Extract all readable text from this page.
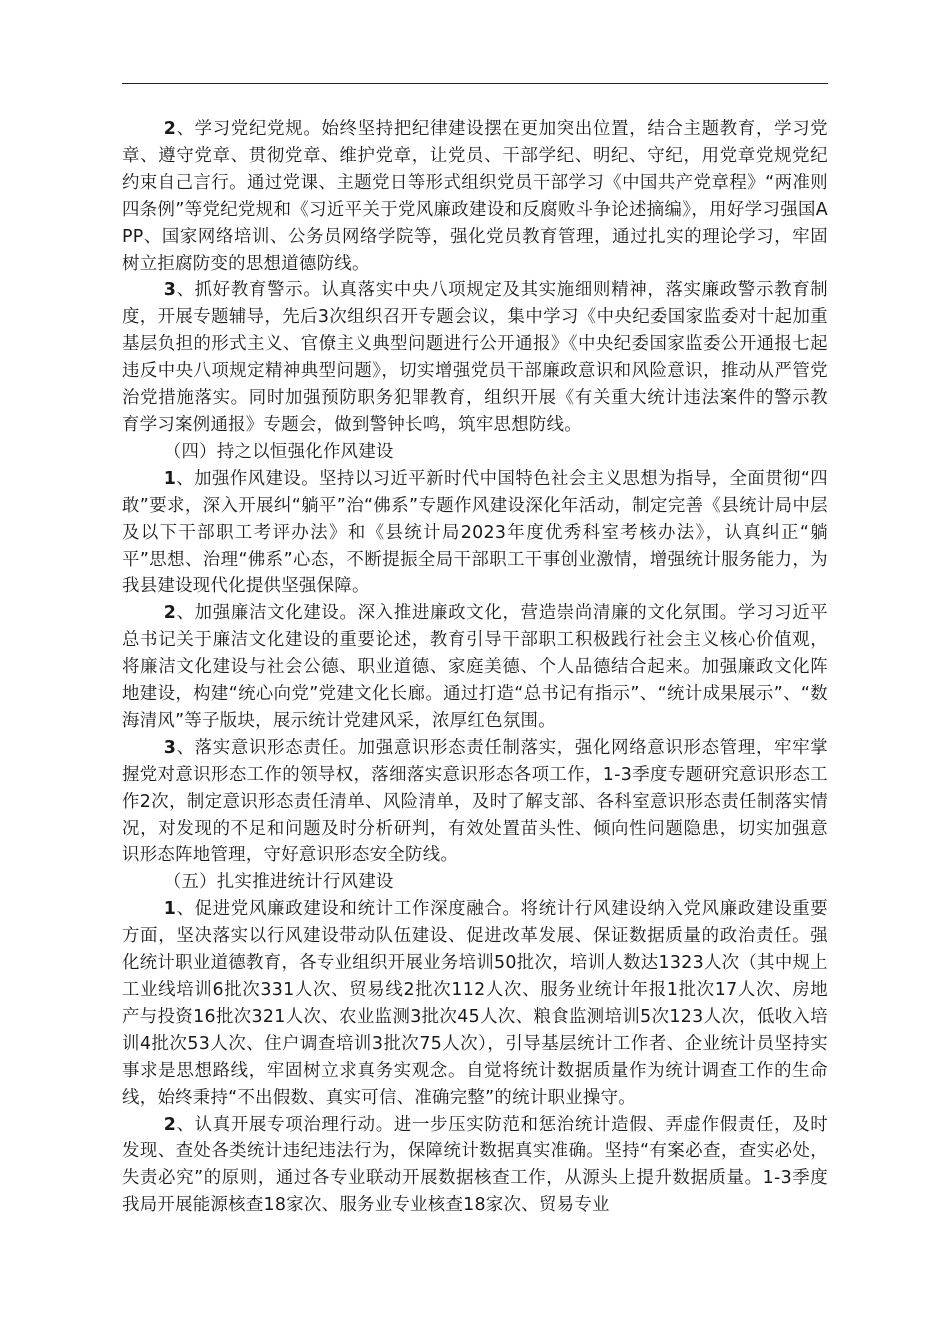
2、学习党纪党规。始终坚持把纪律建设摆在更加突出位置，结合主题教育，学习党章、遵守党章、贯彻党章、维护党章，让党员、干部学纪、明纪、守纪，用党章党规党纪约束自己言行。通过党课、主题党日等形式组织党员干部学习《中国共产党章程》“两准则四条例”等党纪党规和《习近平关于党风廉政建设和反腐败斗争论述摘编》，用好学习强国APP、国家网络培训、公务员网络学院等，强化党员教育管理，通过扎实的理论学习，牢固树立拒腐防变的思想道德防线。

3、抓好教育警示。认真落实中央八项规定及其实施细则精神，落实廉政警示教育制度，开展专题辅导，先后3次组织召开专题会议，集中学习《中央纪委国家监委对十起加重基层负担的形式主义、官僚主义典型问题进行公开通报》《中央纪委国家监委公开通报七起违反中央八项规定精神典型问题》，切实增强党员干部廉政意识和风险意识，推动从严管党治党措施落实。同时加强预防职务犯罪教育，组织开展《有关重大统计违法案件的警示教育学习案例通报》专题会，做到警钟长鸣，筑牢思想防线。

（四）持之以恒强化作风建设

1、加强作风建设。坚持以习近平新时代中国特色社会主义思想为指导，全面贯彻“四敢”要求，深入开展纠“躺平”治“佛系”专题作风建设深化年活动，制定完善《县统计局中层及以下干部职工考评办法》和《县统计局2023年度优秀科室考核办法》，认真纠正“躺平”思想、治理“佛系”心态，不断提振全局干部职工干事创业激情，增强统计服务能力，为我县建设现代化提供坚强保障。

2、加强廉洁文化建设。深入推进廉政文化，营造崇尚清廉的文化氛围。学习习近平总书记关于廉洁文化建设的重要论述，教育引导干部职工积极践行社会主义核心价值观，将廉洁文化建设与社会公德、职业道德、家庭美德、个人品德结合起来。加强廉政文化阵地建设，构建“统心向党”党建文化长廊。通过打造“总书记有指示”、“统计成果展示”、“数海清风”等子版块，展示统计党建风采，浓厚红色氛围。

3、落实意识形态责任。加强意识形态责任制落实，强化网络意识形态管理，牢牢掌握党对意识形态工作的领导权，落细落实意识形态各项工作，1-3季度专题研究意识形态工作2次，制定意识形态责任清单、风险清单，及时了解支部、各科室意识形态责任制落实情况，对发现的不足和问题及时分析研判，有效处置苗头性、倾向性问题隐患，切实加强意识形态阵地管理，守好意识形态安全防线。

（五）扎实推进统计行风建设

1、促进党风廉政建设和统计工作深度融合。将统计行风建设纳入党风廉政建设重要方面，坚决落实以行风建设带动队伍建设、促进改革发展、保证数据质量的政治责任。强化统计职业道德教育，各专业组织开展业务培训50批次，培训人数达1323人次（其中规上工业线培训6批次331人次、贸易线2批次112人次、服务业统计年报1批次17人次、房地产与投资16批次321人次、农业监测3批次45人次、粮食监测培训5次123人次，低收入培训4批次53人次、住户调查培训3批次75人次），引导基层统计工作者、企业统计员坚持实事求是思想路线，牢固树立求真务实观念。自觉将统计数据质量作为统计调查工作的生命线，始终秉持“不出假数、真实可信、准确完整”的统计职业操守。

2、认真开展专项治理行动。进一步压实防范和惩治统计造假、弄虚作假责任，及时发现、查处各类统计违纪违法行为，保障统计数据真实准确。坚持“有案必查，查实必处，失责必究”的原则，通过各专业联动开展数据核查工作，从源头上提升数据质量。1-3季度我局开展能源核查18家次、服务业专业核查18家次、贸易专业
